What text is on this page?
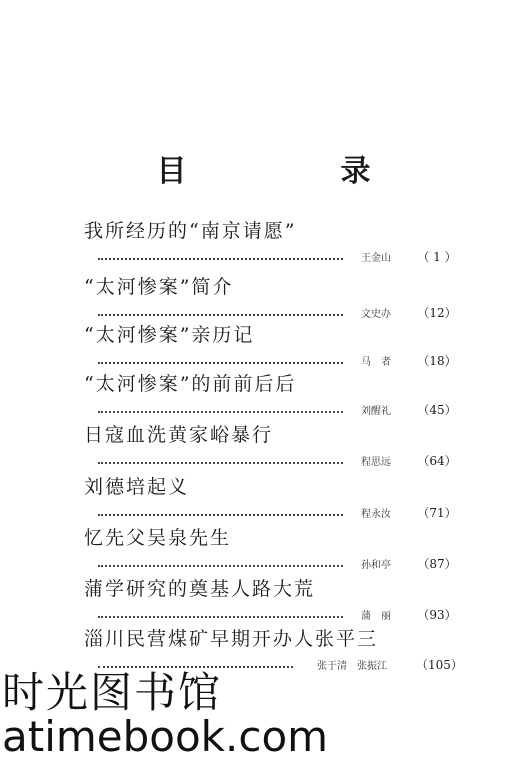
目　录
我所经历的“南京请愿”
王金山	（ 1 ）
“太河惨案”简介
文史办	（12）
“太河惨案”亲历记
马　者	（18）
“太河惨案”的前前后后
刘醒礼	（45）
日寇血洗黄家峪暴行
程思远	（64）
刘德培起义
程永汝	（71）
忆先父吴泉先生
孙和亭	（87）
蒲学研究的奠基人路大荒
蒲　丽	（93）
淄川民营煤矿早期开办人张平三
张于清　张振江	（105）
时光图书馆
atimebook.com
